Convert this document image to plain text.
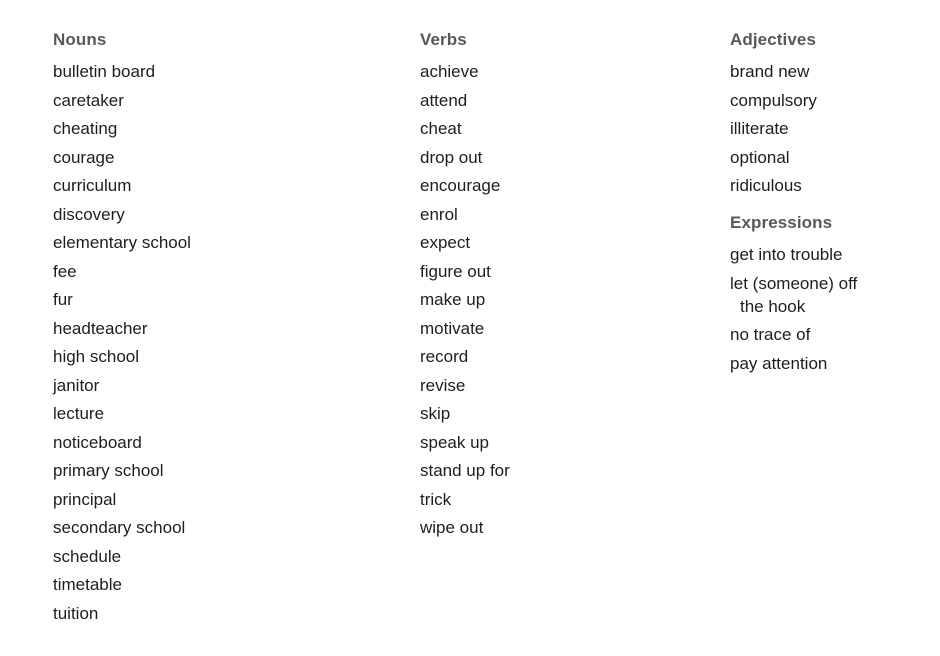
Nouns
bulletin board
caretaker
cheating
courage
curriculum
discovery
elementary school
fee
fur
headteacher
high school
janitor
lecture
noticeboard
primary school
principal
secondary school
schedule
timetable
tuition
Verbs
achieve
attend
cheat
drop out
encourage
enrol
expect
figure out
make up
motivate
record
revise
skip
speak up
stand up for
trick
wipe out
Adjectives
brand new
compulsory
illiterate
optional
ridiculous
Expressions
get into trouble
let (someone) off the hook
no trace of
pay attention
